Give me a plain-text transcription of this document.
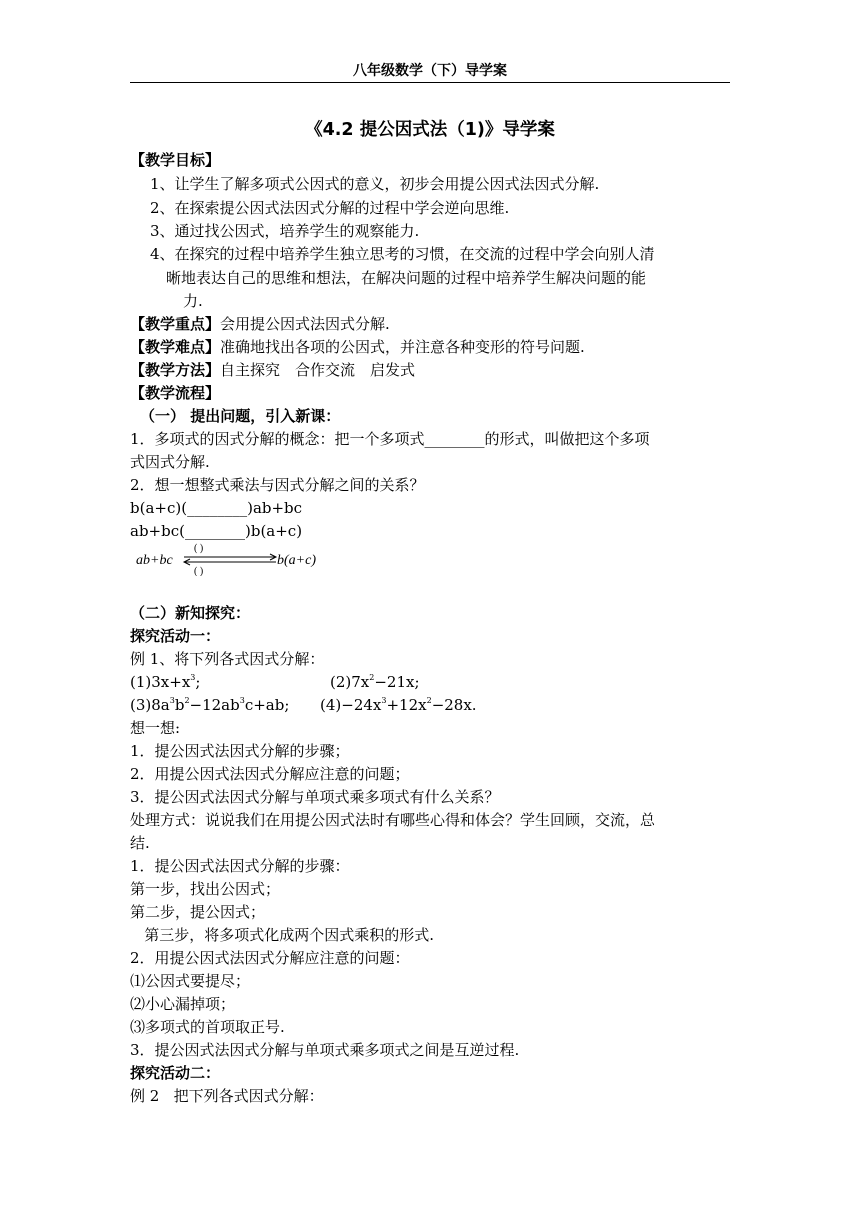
八年级数学（下）导学案
《4.2 提公因式法（1)》导学案
【教学目标】
1、让学生了解多项式公因式的意义，初步会用提公因式法因式分解.
2、在探索提公因式法因式分解的过程中学会逆向思维.
3、通过找公因式，培养学生的观察能力.
4、在探究的过程中培养学生独立思考的习惯，在交流的过程中学会向别人清
晰地表达自己的思维和想法，在解决问题的过程中培养学生解决问题的能
力.
【教学重点】会用提公因式法因式分解.
【教学难点】准确地找出各项的公因式，并注意各种变形的符号问题.
【教学方法】自主探究　合作交流　启发式
【教学流程】
（一） 提出问题，引入新课：
1．多项式的因式分解的概念：把一个多项式________的形式，叫做把这个多项
式因式分解.
2．想一想整式乘法与因式分解之间的关系？
b(a+c)(________)ab+bc
ab+bc(________)b(a+c)
ab+bc
( )
( )
b(a+c)
（二）新知探究：
探究活动一：
例 1、将下列各式因式分解：
$(1)3x+x^3$;	$(2)7x^2-21x$;
$(3)8a^3b^2-12ab^3c+ab$; $(4)-24x^3+12x^2-28x$.
想一想:
1．提公因式法因式分解的步骤；
2．用提公因式法因式分解应注意的问题；
3．提公因式法因式分解与单项式乘多项式有什么关系？
处理方式：说说我们在用提公因式法时有哪些心得和体会？学生回顾，交流，总
结.
1．提公因式法因式分解的步骤：
第一步，找出公因式；
第二步，提公因式；
第三步，将多项式化成两个因式乘积的形式.
2．用提公因式法因式分解应注意的问题：
⑴公因式要提尽；
⑵小心漏掉项；
⑶多项式的首项取正号.
3．提公因式法因式分解与单项式乘多项式之间是互逆过程.
探究活动二：
例 2   把下列各式因式分解：
